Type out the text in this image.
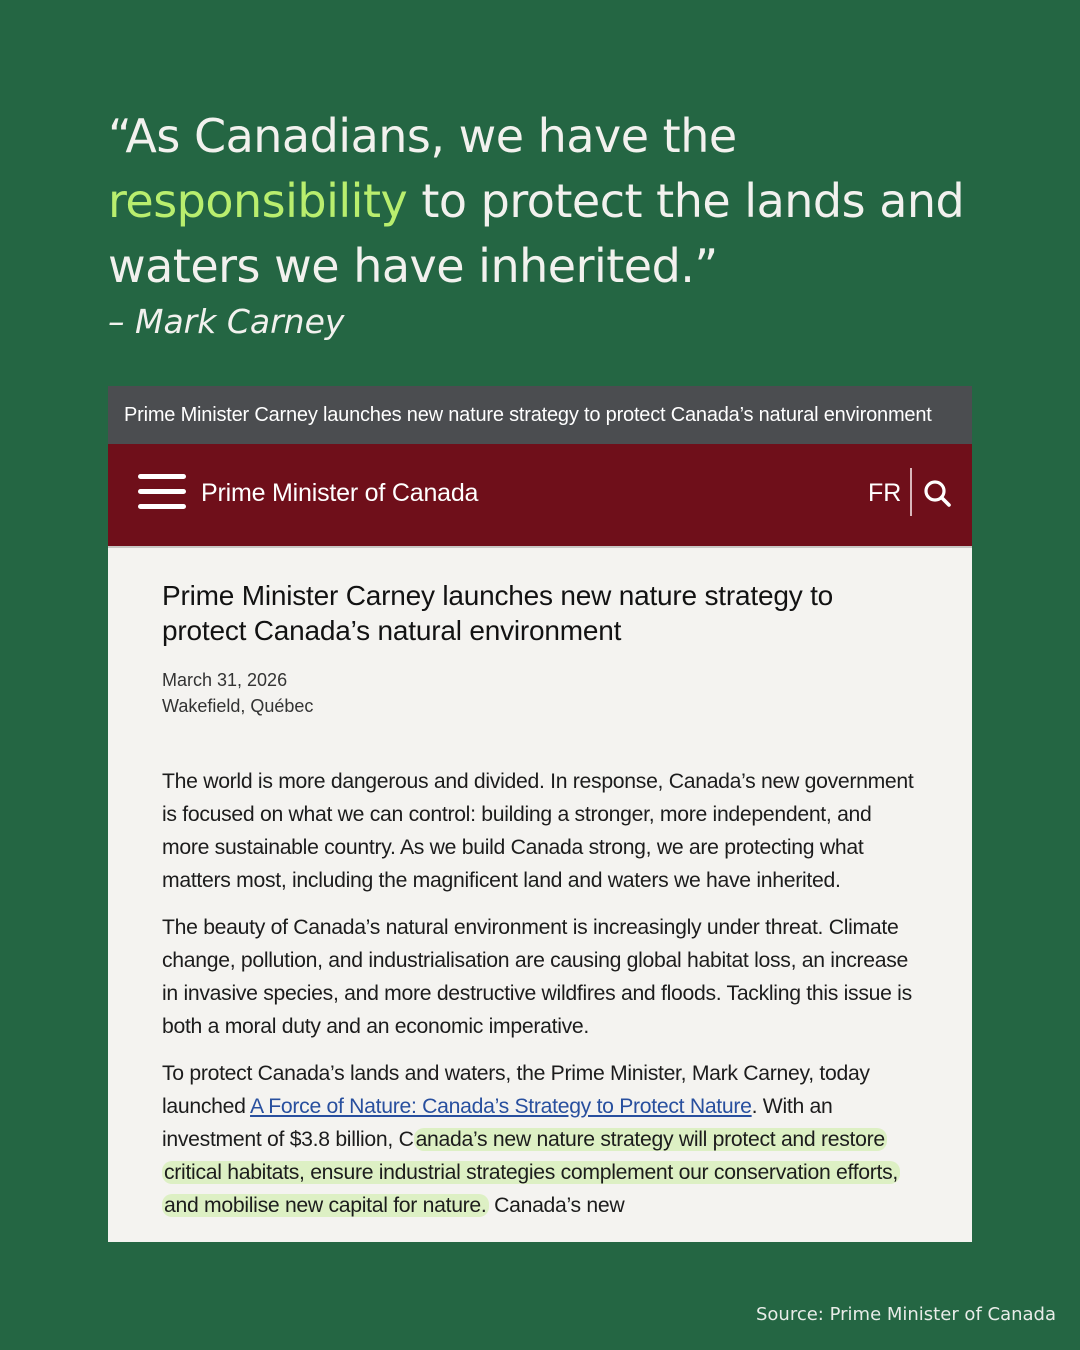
“As Canadians, we have the responsibility to protect the lands and waters we have inherited.”

– Mark Carney

Prime Minister Carney launches new nature strategy to protect Canada’s natural environment
Prime Minister of Canada	FR
Prime Minister Carney launches new nature strategy to protect Canada’s natural environment
March 31, 2026
Wakefield, Québec

The world is more dangerous and divided. In response, Canada’s new government is focused on what we can control: building a stronger, more independent, and more sustainable country. As we build Canada strong, we are protecting what matters most, including the magnificent land and waters we have inherited.

The beauty of Canada’s natural environment is increasingly under threat. Climate change, pollution, and industrialisation are causing global habitat loss, an increase in invasive species, and more destructive wildfires and floods. Tackling this issue is both a moral duty and an economic imperative.

To protect Canada’s lands and waters, the Prime Minister, Mark Carney, today launched A Force of Nature: Canada’s Strategy to Protect Nature. With an investment of $3.8 billion, Canada’s new nature strategy will protect and restore critical habitats, ensure industrial strategies complement our conservation efforts, and mobilise new capital for nature. Canada’s new

Source: Prime Minister of Canada
